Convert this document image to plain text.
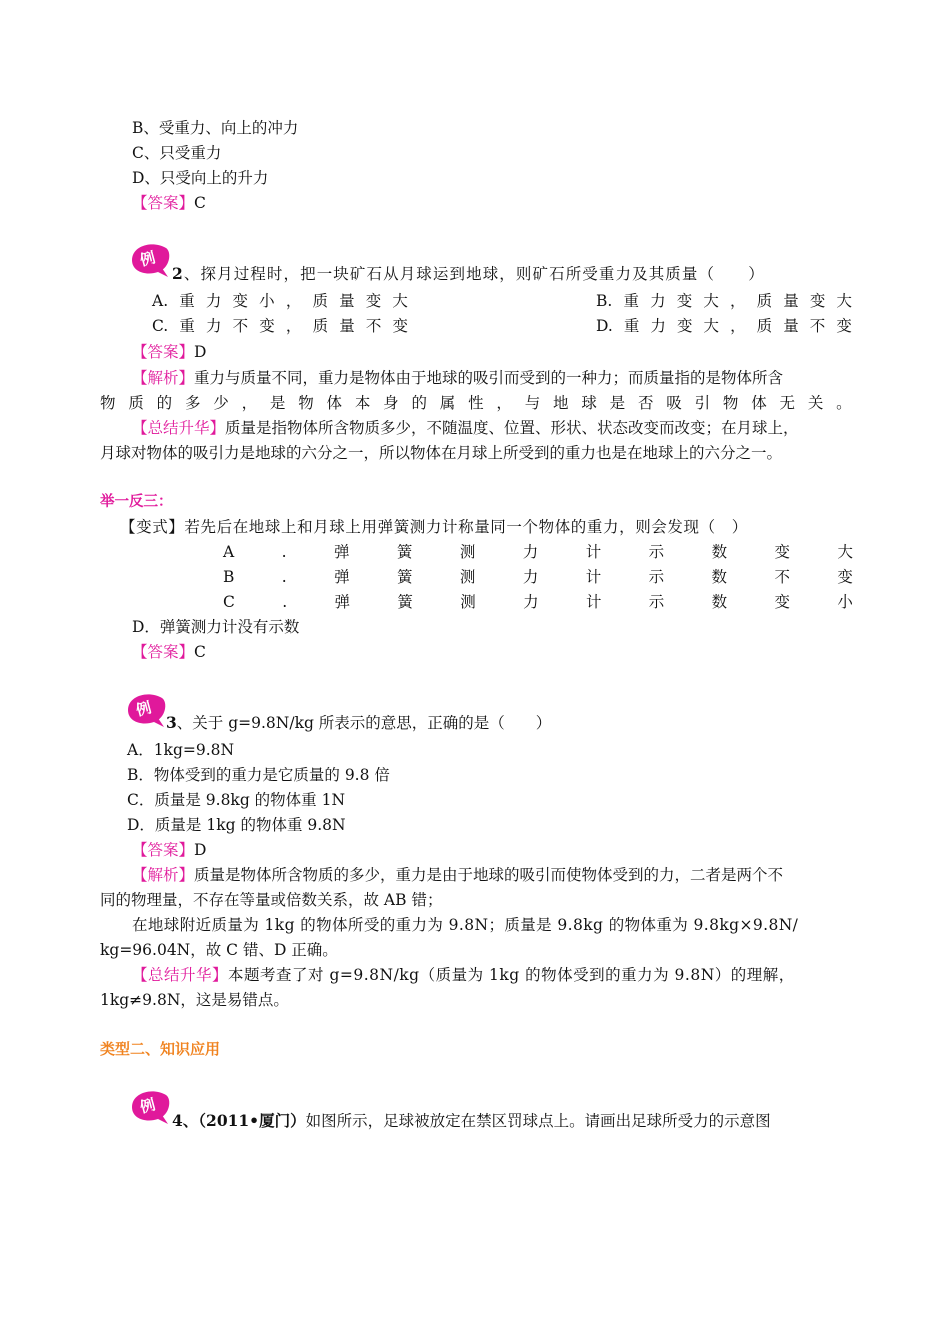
B、受重力、向上的冲力
C、只受重力
D、只受向上的升力
【答案】C
例
2、探月过程时，把一块矿石从月球运到地球，则矿石所受重力及其质量（　　）
A. 重 力 变 小 ， 质 量 变 大	B. 重 力 变 大 ， 质 量 变 大
C. 重 力 不 变 ， 质 量 不 变	D. 重 力 变 大 ， 质 量 不 变
【答案】D
【解析】重力与质量不同，重力是物体由于地球的吸引而受到的一种力；而质量指的是物体所含
物 质 的 多 少 ， 是 物 体 本 身 的 属 性 ， 与 地 球 是 否 吸 引 物 体 无 关 。
【总结升华】质量是指物体所含物质多少，不随温度、位置、形状、状态改变而改变；在月球上，
月球对物体的吸引力是地球的六分之一，所以物体在月球上所受到的重力也是在地球上的六分之一。
举一反三：
【变式】若先后在地球上和月球上用弹簧测力计称量同一个物体的重力，则会发现（　）
A	.	弹	簧	测	力	计	示	数	变	大
B	.	弹	簧	测	力	计	示	数	不	变
C	.	弹	簧	测	力	计	示	数	变	小
D．弹簧测力计没有示数
【答案】C
例
3、关于 g=9.8N/kg 所表示的意思，正确的是（　　）
A．1kg=9.8N
B．物体受到的重力是它质量的 9.8 倍
C．质量是 9.8kg 的物体重 1N
D．质量是 1kg 的物体重 9.8N
【答案】D
【解析】质量是物体所含物质的多少，重力是由于地球的吸引而使物体受到的力，二者是两个不
同的物理量，不存在等量或倍数关系，故 AB 错；
在地球附近质量为 1kg 的物体所受的重力为 9.8N；质量是 9.8kg 的物体重为 9.8kg×9.8N/
kg=96.04N，故 C 错、D 正确。
【总结升华】本题考查了对 g=9.8N/kg（质量为 1kg 的物体受到的重力为 9.8N）的理解，
1kg≠9.8N，这是易错点。
类型二、知识应用
例
4、（2011•厦门）如图所示，足球被放定在禁区罚球点上。请画出足球所受力的示意图
